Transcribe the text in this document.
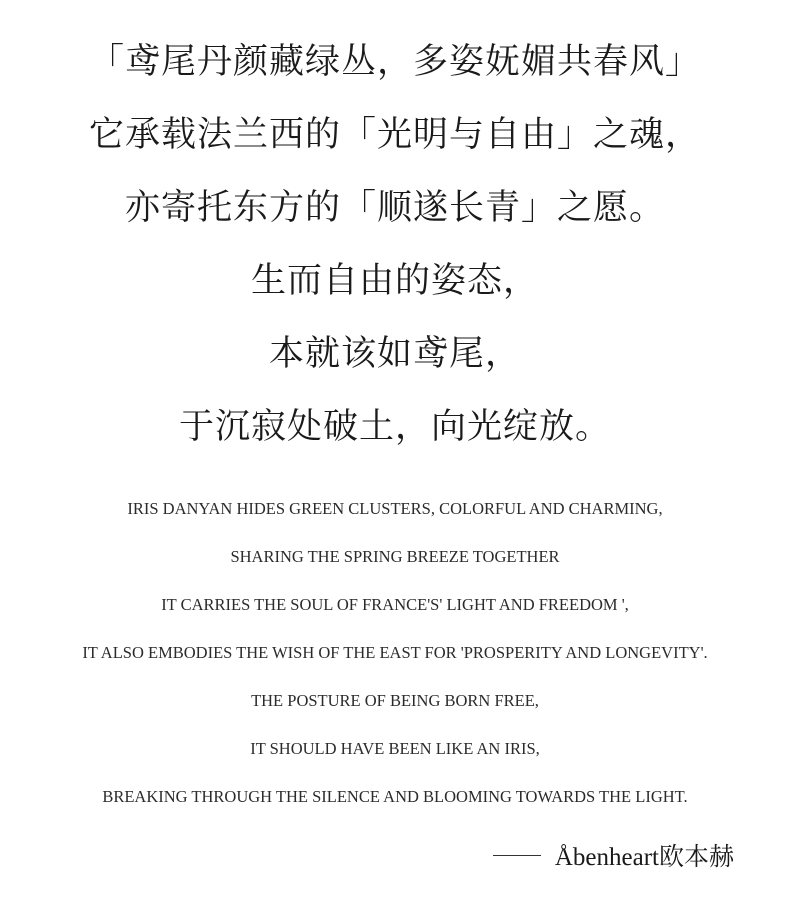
「鸢尾丹颜藏绿丛，多姿妩媚共春风」
它承载法兰西的「光明与自由」之魂，
亦寄托东方的「顺遂长青」之愿。
生而自由的姿态，
本就该如鸢尾，
于沉寂处破土，向光绽放。
IRIS DANYAN HIDES GREEN CLUSTERS, COLORFUL AND CHARMING,
SHARING THE SPRING BREEZE TOGETHER
IT CARRIES THE SOUL OF FRANCE'S' LIGHT AND FREEDOM ',
IT ALSO EMBODIES THE WISH OF THE EAST FOR 'PROSPERITY AND LONGEVITY'.
THE POSTURE OF BEING BORN FREE,
IT SHOULD HAVE BEEN LIKE AN IRIS,
BREAKING THROUGH THE SILENCE AND BLOOMING TOWARDS THE LIGHT.
Åbenheart欧本赫
